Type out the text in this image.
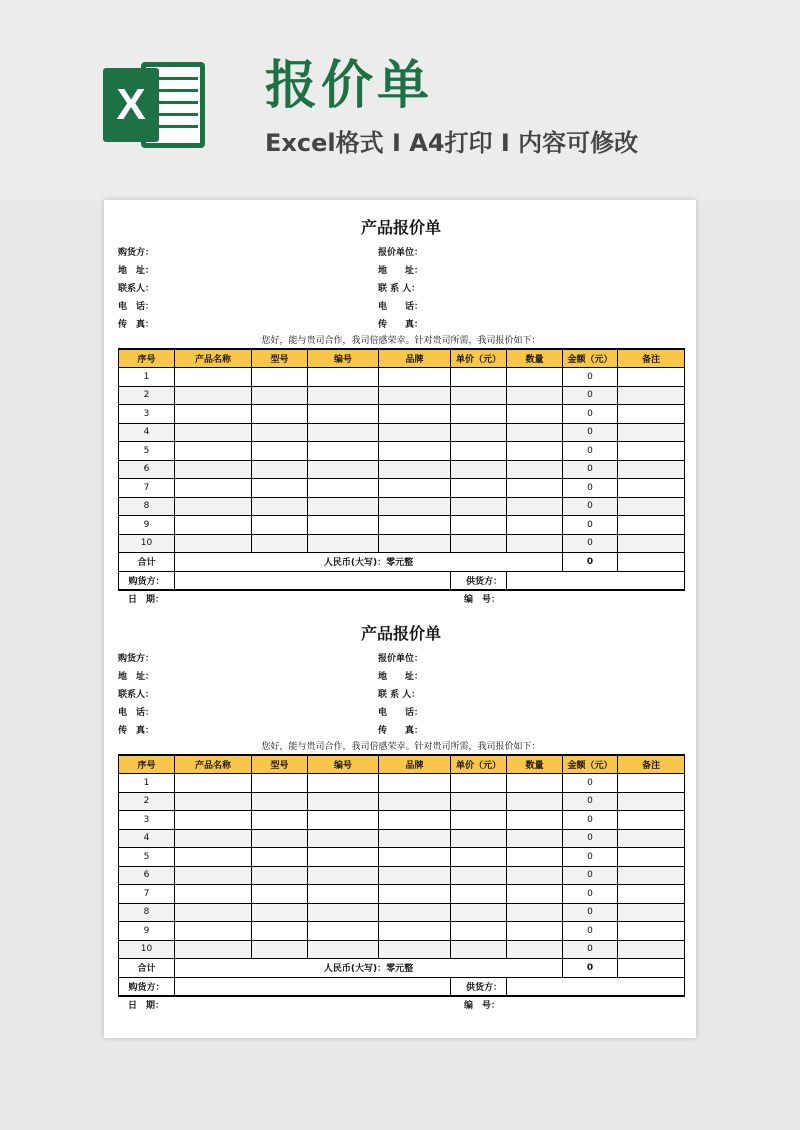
X 报价单
Excel格式 I A4打印 I 内容可修改
产品报价单
购货方：	报价单位：
地　址：	地　　址：
联系人：	联 系 人：
电　话：	电　　话：
传　真：	传　　真：
您好，能与贵司合作，我司倍感荣幸。针对贵司所需，我司报价如下：
序号	产品名称	型号	编号	品牌	单价（元）	数量	金额（元）	备注
1							0	
2							0	
3							0	
4							0	
5							0	
6							0	
7							0	
8							0	
9							0	
10							0	
合计	人民币(大写)：零元整						0	
购货方：					供货方：			
日　期：	编　号：
产品报价单
购货方：	报价单位：
地　址：	地　　址：
联系人：	联 系 人：
电　话：	电　　话：
传　真：	传　　真：
您好，能与贵司合作，我司倍感荣幸。针对贵司所需，我司报价如下：
序号	产品名称	型号	编号	品牌	单价（元）	数量	金额（元）	备注
1							0	
2							0	
3							0	
4							0	
5							0	
6							0	
7							0	
8							0	
9							0	
10							0	
合计	人民币(大写)：零元整						0	
购货方：					供货方：			
日　期：	编　号：
